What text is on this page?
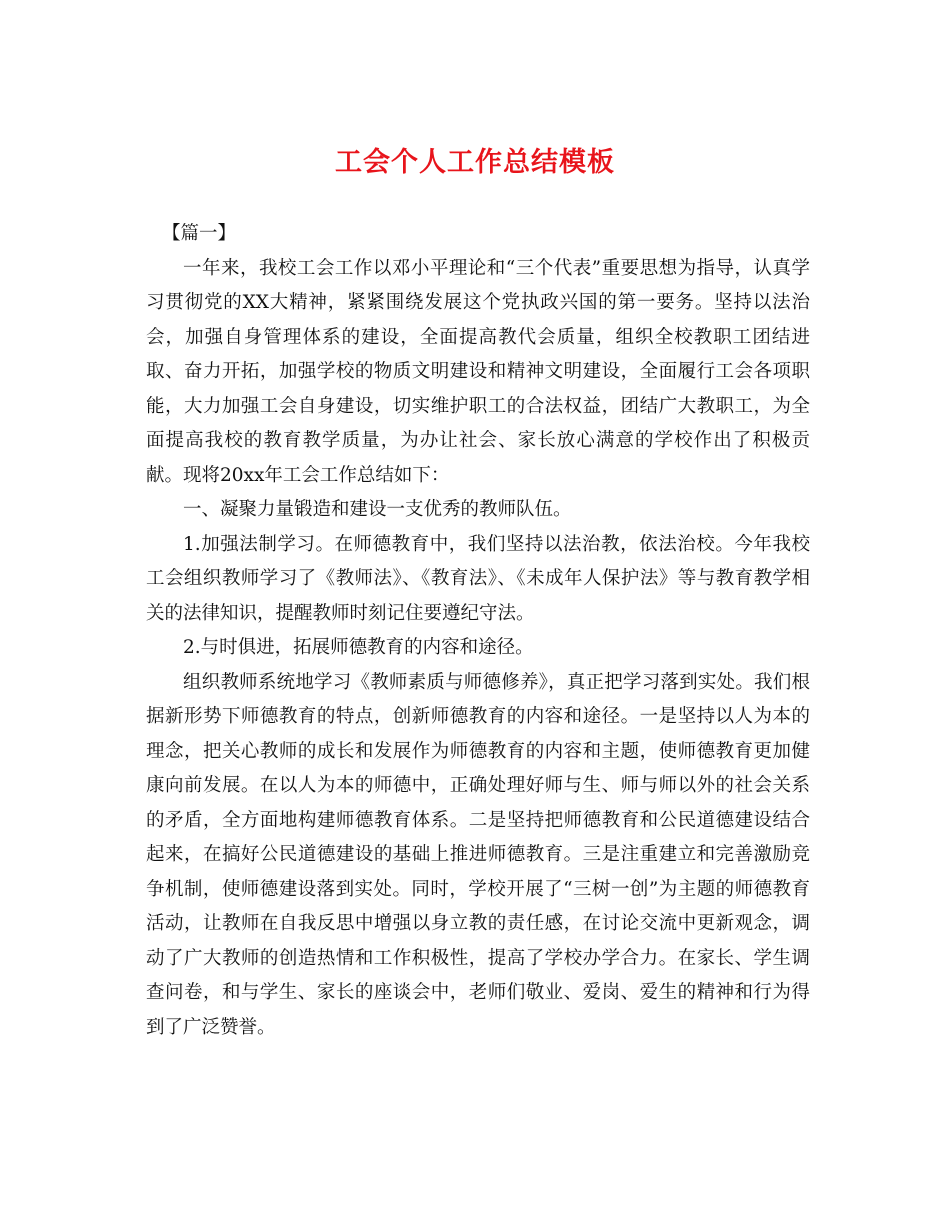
工会个人工作总结模板

【篇一】

一年来，我校工会工作以邓小平理论和“三个代表”重要思想为指导，认真学习贯彻党的XX大精神，紧紧围绕发展这个党执政兴国的第一要务。坚持以法治会，加强自身管理体系的建设，全面提高教代会质量，组织全校教职工团结进取、奋力开拓，加强学校的物质文明建设和精神文明建设，全面履行工会各项职能，大力加强工会自身建设，切实维护职工的合法权益，团结广大教职工，为全面提高我校的教育教学质量，为办让社会、家长放心满意的学校作出了积极贡献。现将20xx年工会工作总结如下：

一、凝聚力量锻造和建设一支优秀的教师队伍。

1.加强法制学习。在师德教育中，我们坚持以法治教，依法治校。今年我校工会组织教师学习了《教师法》、《教育法》、《未成年人保护法》等与教育教学相关的法律知识，提醒教师时刻记住要遵纪守法。

2.与时俱进，拓展师德教育的内容和途径。

组织教师系统地学习《教师素质与师德修养》，真正把学习落到实处。我们根据新形势下师德教育的特点，创新师德教育的内容和途径。一是坚持以人为本的理念，把关心教师的成长和发展作为师德教育的内容和主题，使师德教育更加健康向前发展。在以人为本的师德中，正确处理好师与生、师与师以外的社会关系的矛盾，全方面地构建师德教育体系。二是坚持把师德教育和公民道德建设结合起来，在搞好公民道德建设的基础上推进师德教育。三是注重建立和完善激励竞争机制，使师德建设落到实处。同时，学校开展了“三树一创”为主题的师德教育活动，让教师在自我反思中增强以身立教的责任感，在讨论交流中更新观念，调动了广大教师的创造热情和工作积极性，提高了学校办学合力。在家长、学生调查问卷，和与学生、家长的座谈会中，老师们敬业、爱岗、爱生的精神和行为得到了广泛赞誉。
